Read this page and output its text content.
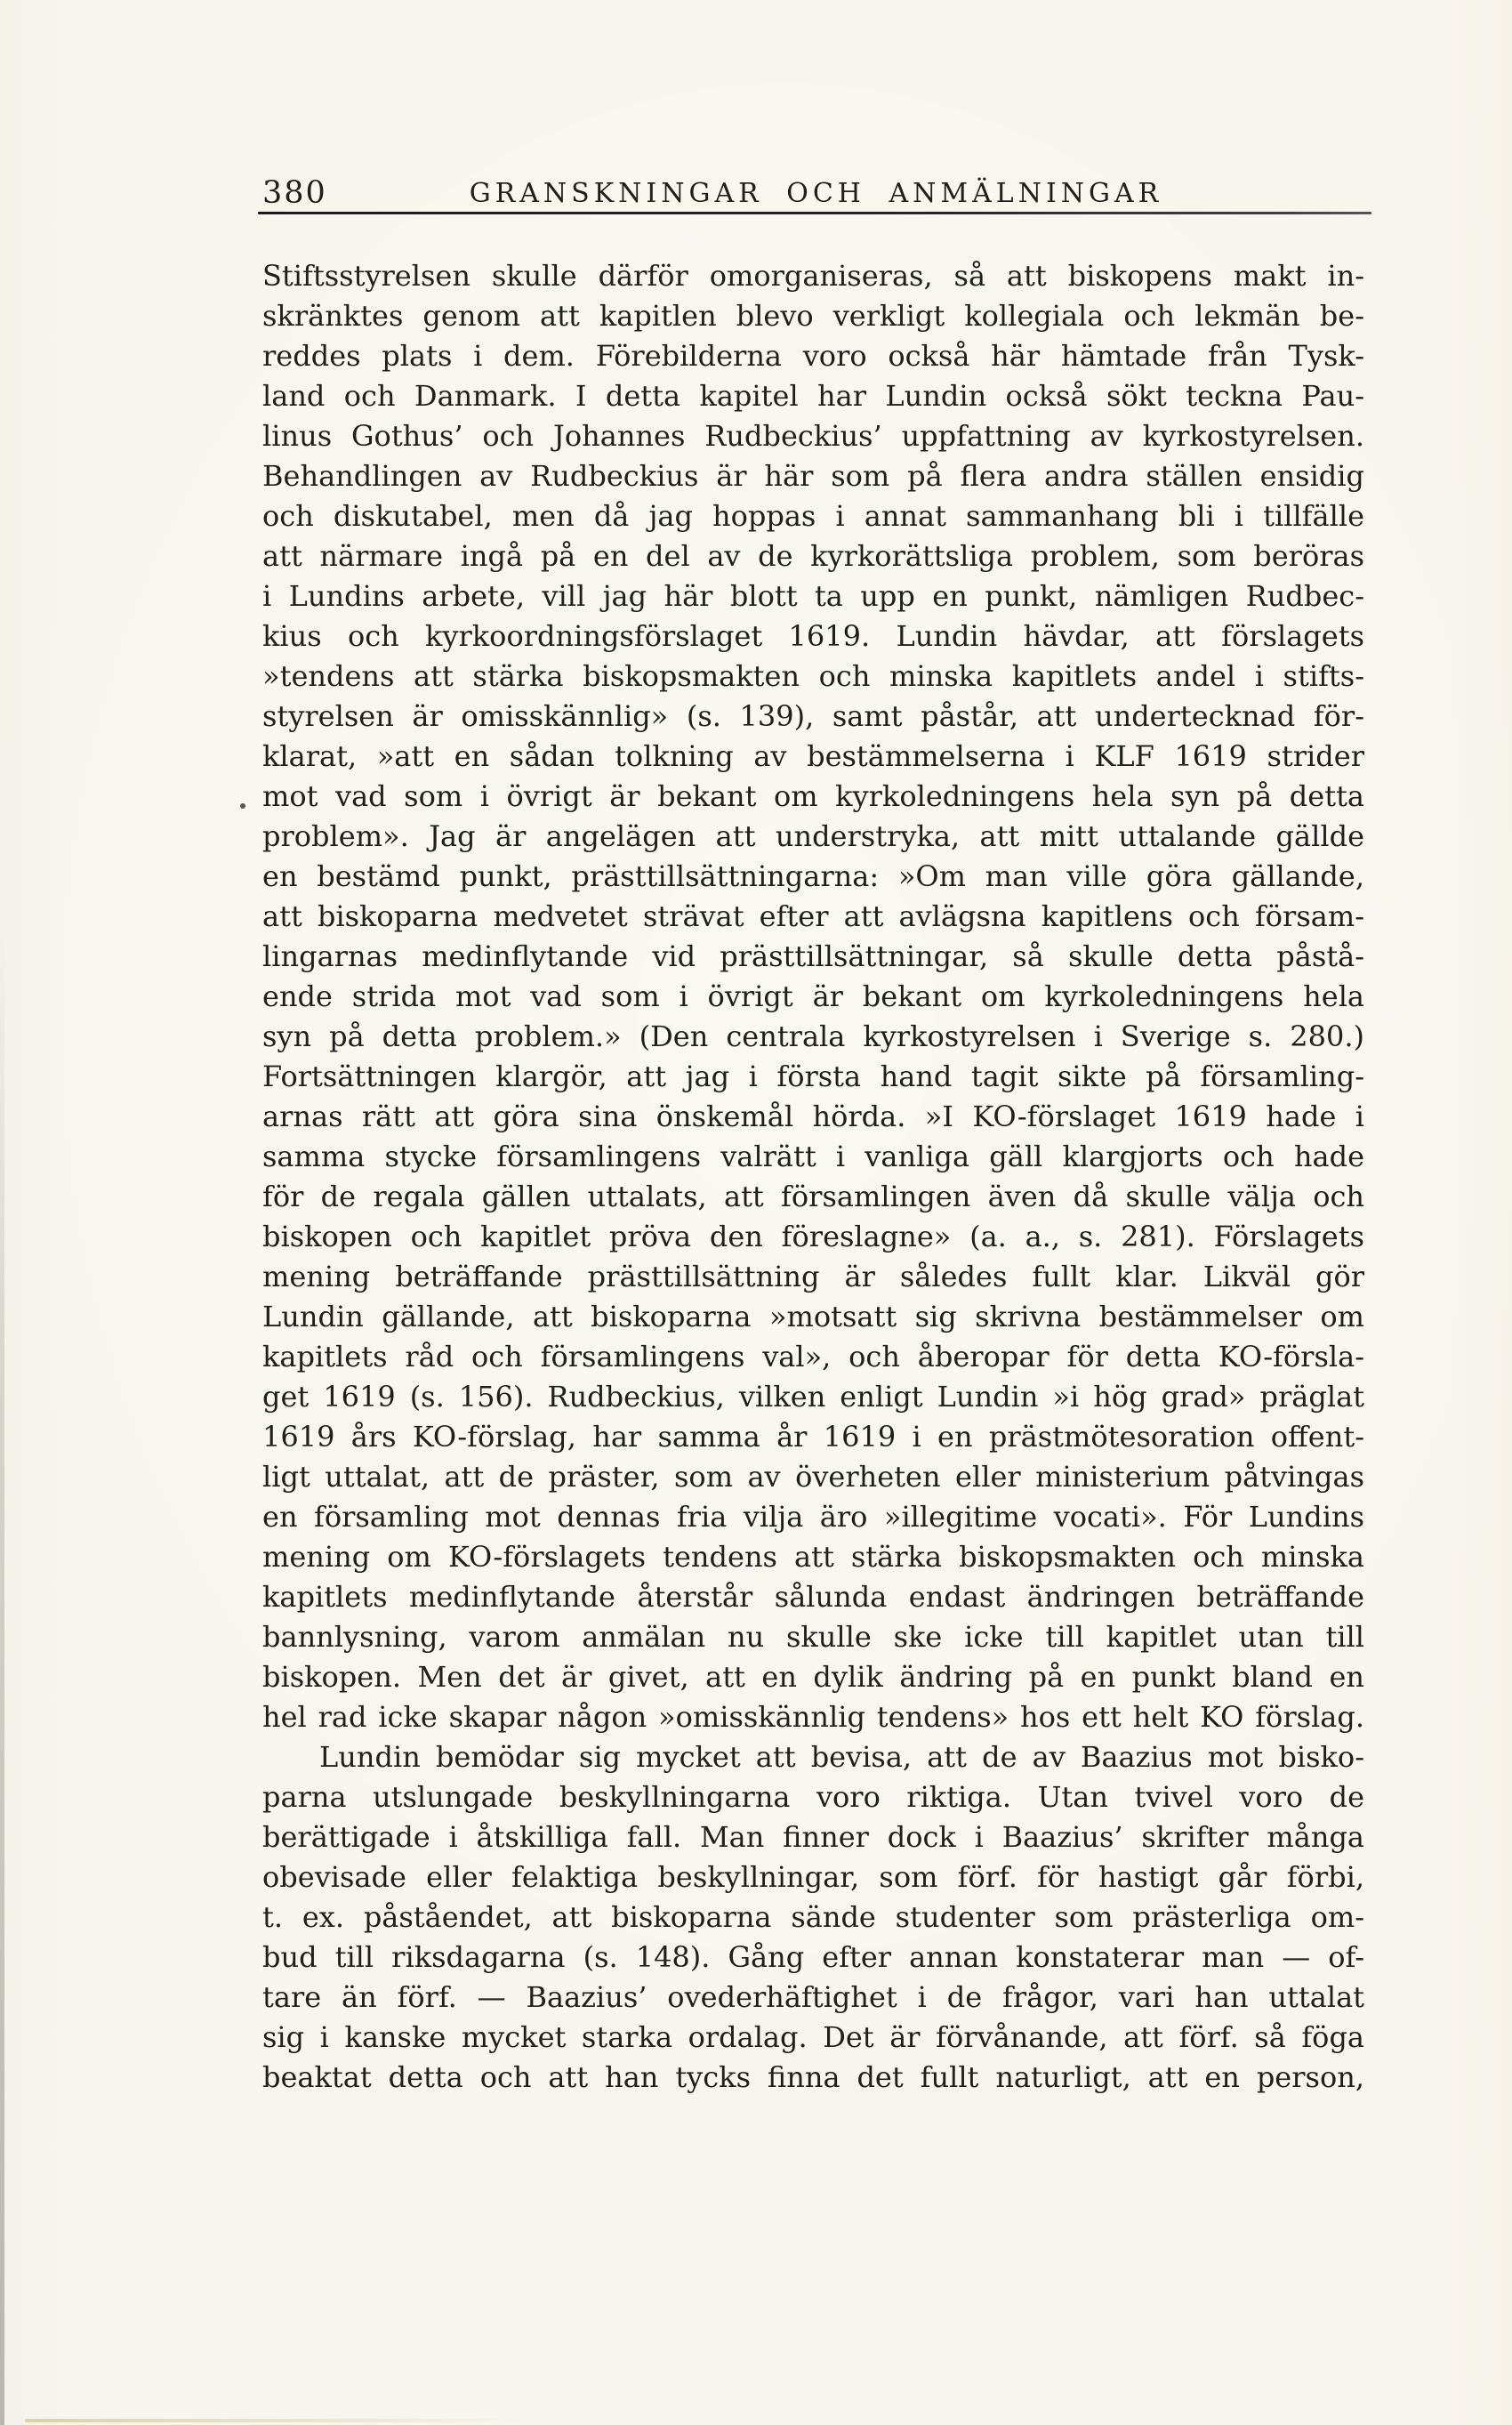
380	GRANSKNINGAR OCH ANMÄLNINGAR
Stiftsstyrelsen skulle därför omorganiseras, så att biskopens makt in-
skränktes genom att kapitlen blevo verkligt kollegiala och lekmän be-
reddes plats i dem. Förebilderna voro också här hämtade från Tysk-
land och Danmark. I detta kapitel har Lundin också sökt teckna Pau-
linus Gothus’ och Johannes Rudbeckius’ uppfattning av kyrkostyrelsen.
Behandlingen av Rudbeckius är här som på flera andra ställen ensidig
och diskutabel, men då jag hoppas i annat sammanhang bli i tillfälle
att närmare ingå på en del av de kyrkorättsliga problem, som beröras
i Lundins arbete, vill jag här blott ta upp en punkt, nämligen Rudbec-
kius och kyrkoordningsförslaget 1619. Lundin hävdar, att förslagets
»tendens att stärka biskopsmakten och minska kapitlets andel i stifts-
styrelsen är omisskännlig» (s. 139), samt påstår, att undertecknad för-
klarat, »att en sådan tolkning av bestämmelserna i KLF 1619 strider
mot vad som i övrigt är bekant om kyrkoledningens hela syn på detta
problem». Jag är angelägen att understryka, att mitt uttalande gällde
en bestämd punkt, prästtillsättningarna: »Om man ville göra gällande,
att biskoparna medvetet strävat efter att avlägsna kapitlens och försam-
lingarnas medinflytande vid prästtillsättningar, så skulle detta påstå-
ende strida mot vad som i övrigt är bekant om kyrkoledningens hela
syn på detta problem.» (Den centrala kyrkostyrelsen i Sverige s. 280.)
Fortsättningen klargör, att jag i första hand tagit sikte på församling-
arnas rätt att göra sina önskemål hörda. »I KO-förslaget 1619 hade i
samma stycke församlingens valrätt i vanliga gäll klargjorts och hade
för de regala gällen uttalats, att församlingen även då skulle välja och
biskopen och kapitlet pröva den föreslagne» (a. a., s. 281). Förslagets
mening beträffande prästtillsättning är således fullt klar. Likväl gör
Lundin gällande, att biskoparna »motsatt sig skrivna bestämmelser om
kapitlets råd och församlingens val», och åberopar för detta KO-försla-
get 1619 (s. 156). Rudbeckius, vilken enligt Lundin »i hög grad» präglat
1619 års KO-förslag, har samma år 1619 i en prästmötesoration offent-
ligt uttalat, att de präster, som av överheten eller ministerium påtvingas
en församling mot dennas fria vilja äro »illegitime vocati». För Lundins
mening om KO-förslagets tendens att stärka biskopsmakten och minska
kapitlets medinflytande återstår sålunda endast ändringen beträffande
bannlysning, varom anmälan nu skulle ske icke till kapitlet utan till
biskopen. Men det är givet, att en dylik ändring på en punkt bland en
hel rad icke skapar någon »omisskännlig tendens» hos ett helt KO förslag.
Lundin bemödar sig mycket att bevisa, att de av Baazius mot bisko-
parna utslungade beskyllningarna voro riktiga. Utan tvivel voro de
berättigade i åtskilliga fall. Man finner dock i Baazius’ skrifter många
obevisade eller felaktiga beskyllningar, som förf. för hastigt går förbi,
t. ex. påståendet, att biskoparna sände studenter som prästerliga om-
bud till riksdagarna (s. 148). Gång efter annan konstaterar man — of-
tare än förf. — Baazius’ ovederhäftighet i de frågor, vari han uttalat
sig i kanske mycket starka ordalag. Det är förvånande, att förf. så föga
beaktat detta och att han tycks finna det fullt naturligt, att en person,
